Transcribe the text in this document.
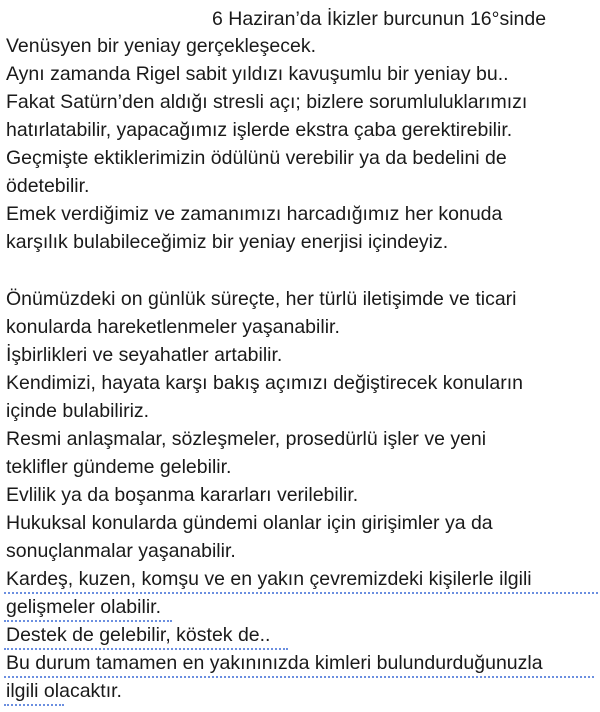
6 Haziran’da İkizler burcunun 16°sinde
Venüsyen bir yeniay gerçekleşecek.
Aynı zamanda Rigel sabit yıldızı kavuşumlu bir yeniay bu..
Fakat Satürn’den aldığı stresli açı; bizlere sorumluluklarımızı
hatırlatabilir, yapacağımız işlerde ekstra çaba gerektirebilir.
Geçmişte ektiklerimizin ödülünü verebilir ya da bedelini de
ödetebilir.
Emek verdiğimiz ve zamanımızı harcadığımız her konuda
karşılık bulabileceğimiz bir yeniay enerjisi içindeyiz.
Önümüzdeki on günlük süreçte, her türlü iletişimde ve ticari
konularda hareketlenmeler yaşanabilir.
İşbirlikleri ve seyahatler artabilir.
Kendimizi, hayata karşı bakış açımızı değiştirecek konuların
içinde bulabiliriz.
Resmi anlaşmalar, sözleşmeler, prosedürlü işler ve yeni
teklifler gündeme gelebilir.
Evlilik ya da boşanma kararları verilebilir.
Hukuksal konularda gündemi olanlar için girişimler ya da
sonuçlanmalar yaşanabilir.
Kardeş, kuzen, komşu ve en yakın çevremizdeki kişilerle ilgili
gelişmeler olabilir.
Destek de gelebilir, köstek de..
Bu durum tamamen en yakınınızda kimleri bulundurduğunuzla
ilgili olacaktır.
